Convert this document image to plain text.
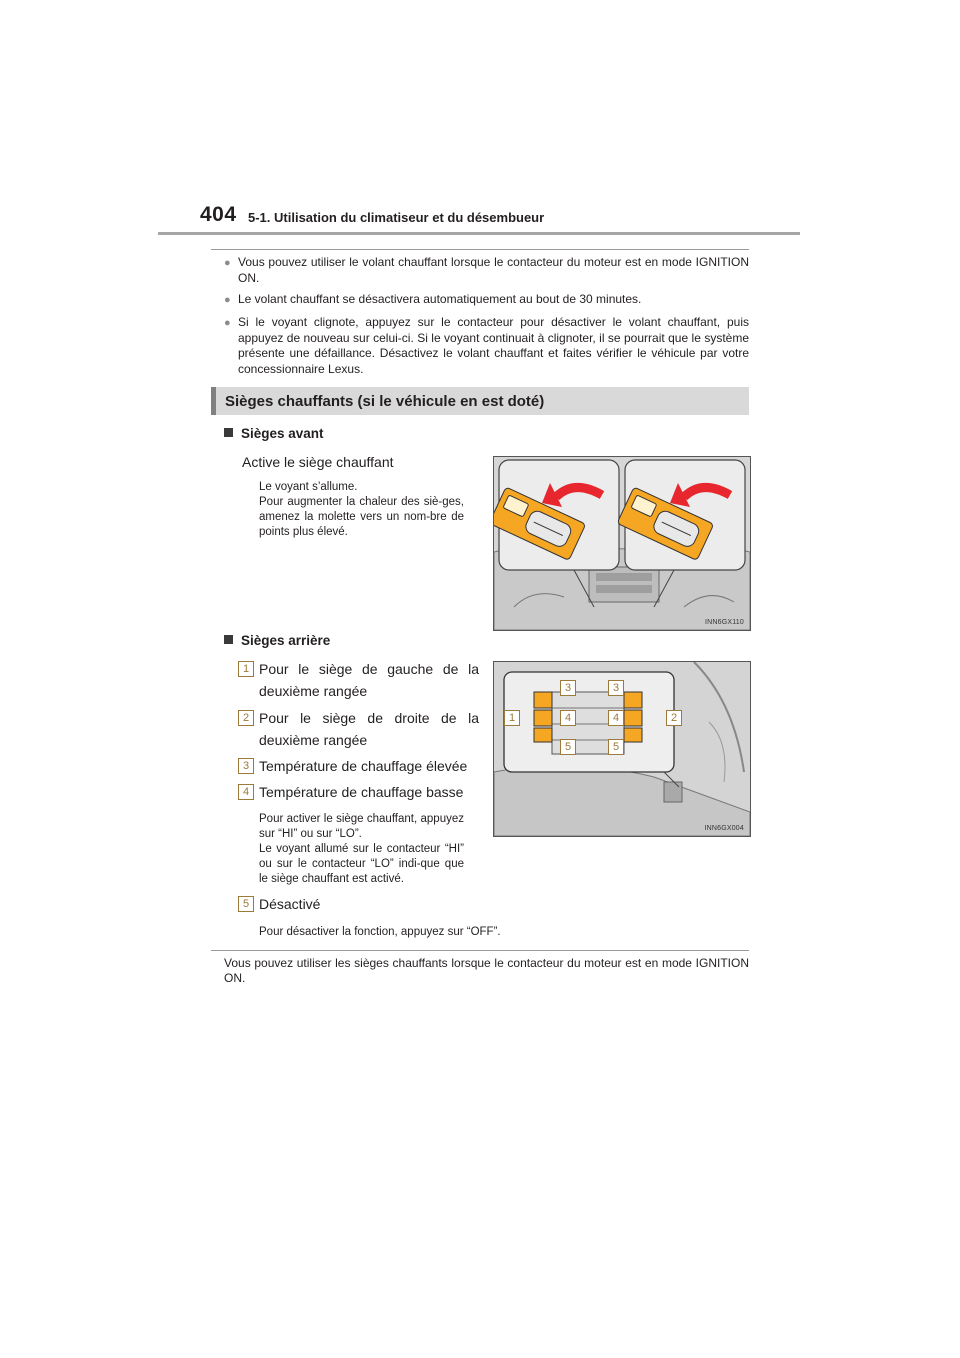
404 5-1. Utilisation du climatiseur et du désembueur
● Vous pouvez utiliser le volant chauffant lorsque le contacteur du moteur est en mode IGNITION ON.
● Le volant chauffant se désactivera automatiquement au bout de 30 minutes.
● Si le voyant clignote, appuyez sur le contacteur pour désactiver le volant chauffant, puis appuyez de nouveau sur celui-ci. Si le voyant continuait à clignoter, il se pourrait que le système présente une défaillance. Désactivez le volant chauffant et faites vérifier le véhicule par votre concessionnaire Lexus.
Sièges chauffants (si le véhicule en est doté)
Sièges avant
Active le siège chauffant
Le voyant s’allume.
Pour augmenter la chaleur des siè-ges, amenez la molette vers un nom-bre de points plus élevé.
INN6GX110
Sièges arrière
1 Pour le siège de gauche de la deuxième rangée
2 Pour le siège de droite de la deuxième rangée
3 Température de chauffage élevée
4 Température de chauffage basse
Pour activer le siège chauffant, appuyez sur “HI” ou sur “LO”.
Le voyant allumé sur le contacteur “HI” ou sur le contacteur “LO” indi-que que le siège chauffant est activé.
5 Désactivé
Pour désactiver la fonction, appuyez sur “OFF”.
1	2
3	3
4	4
5	5
INN6GX004
Vous pouvez utiliser les sièges chauffants lorsque le contacteur du moteur est en mode IGNITION ON.
